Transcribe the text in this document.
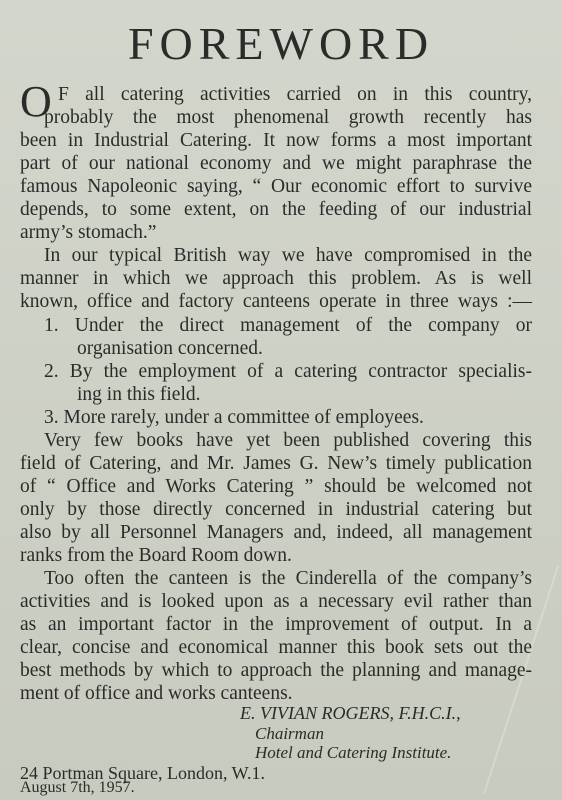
FOREWORD
O F all catering activities carried on in this country,
probably the most phenomenal growth recently has
been in Industrial Catering. It now forms a most important
part of our national economy and we might paraphrase the
famous Napoleonic saying, “ Our economic effort to survive
depends, to some extent, on the feeding of our industrial
army’s stomach.”
In our typical British way we have compromised in the
manner in which we approach this problem. As is well
known, office and factory canteens operate in three ways :—
1. Under the direct management of the company or
organisation concerned.
2. By the employment of a catering contractor specialis-
ing in this field.
3. More rarely, under a committee of employees.
Very few books have yet been published covering this
field of Catering, and Mr. James G. New’s timely publication
of “ Office and Works Catering ” should be welcomed not
only by those directly concerned in industrial catering but
also by all Personnel Managers and, indeed, all management
ranks from the Board Room down.
Too often the canteen is the Cinderella of the company’s
activities and is looked upon as a necessary evil rather than
as an important factor in the improvement of output. In a
clear, concise and economical manner this book sets out the
best methods by which to approach the planning and manage-
ment of office and works canteens.
E. VIVIAN ROGERS, F.H.C.I.,
Chairman
Hotel and Catering Institute.
24 Portman Square, London, W.1.
August 7th, 1957.
